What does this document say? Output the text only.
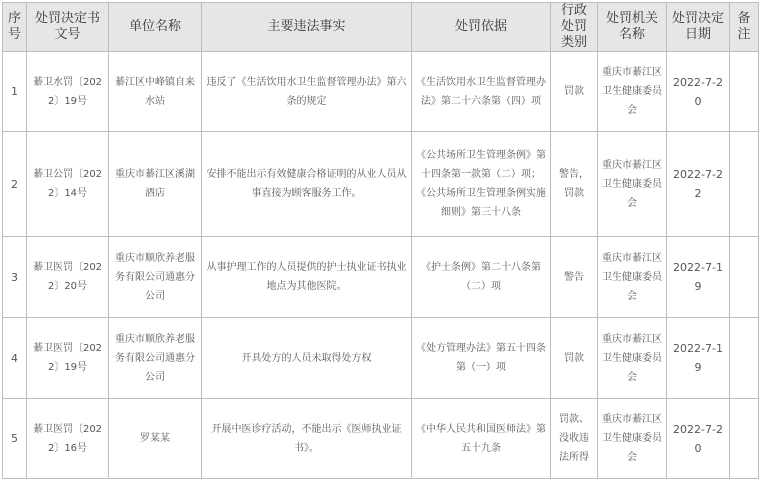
序号	处罚决定书文号	单位名称	主要违法事实	处罚依据	行政处罚类别	处罚机关名称	处罚决定日期	备注
1	綦卫水罚〔2022〕19号	綦江区中峰镇自来水站	违反了《生活饮用水卫生监督管理办法》第六条的规定	《生活饮用水卫生监督管理办法》第二十六条第（四）项	罚款	重庆市綦江区卫生健康委员会	2022-7-20	
2	綦卫公罚〔2022〕14号	重庆市綦江区溪湖酒店	安排不能出示有效健康合格证明的从业人员从事直接为顾客服务工作。	《公共场所卫生管理条例》第十四条第一款第（二）项；《公共场所卫生管理条例实施细则》第三十八条	警告，罚款	重庆市綦江区卫生健康委员会	2022-7-22	
3	綦卫医罚〔2022〕20号	重庆市顺欣养老服务有限公司通惠分公司	从事护理工作的人员提供的护士执业证书执业地点为其他医院。	《护士条例》第二十八条第（二）项	警告	重庆市綦江区卫生健康委员会	2022-7-19	
4	綦卫医罚〔2022〕19号	重庆市顺欣养老服务有限公司通惠分公司	开具处方的人员未取得处方权	《处方管理办法》第五十四条第（一）项	罚款	重庆市綦江区卫生健康委员会	2022-7-19	
5	綦卫医罚〔2022〕16号	罗某某	开展中医诊疗活动，不能出示《医师执业证书》。	《中华人民共和国医师法》第五十九条	罚款、没收违法所得	重庆市綦江区卫生健康委员会	2022-7-20	
